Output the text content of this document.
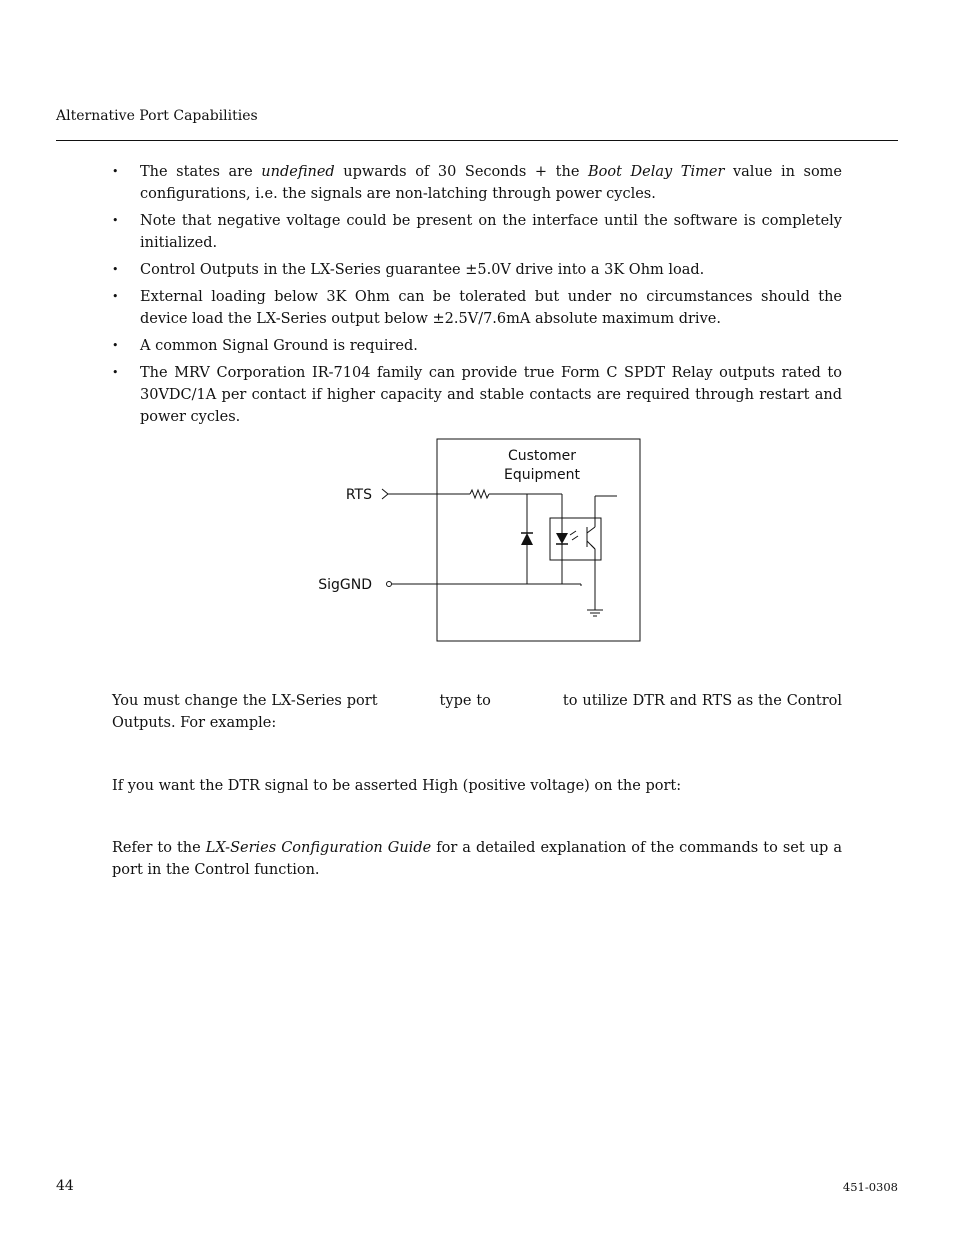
Alternative Port Capabilities
• The states are undefined upwards of 30 Seconds + the Boot Delay Timer value in some configurations, i.e. the signals are non-latching through power cycles.
• Note that negative voltage could be present on the interface until the software is completely initialized.
• Control Outputs in the LX-Series guarantee ±5.0V drive into a 3K Ohm load.
• External loading below 3K Ohm can be tolerated but under no circumstances should the device load the LX-Series output below ±2.5V/7.6mA absolute maximum drive.
• A common Signal Ground is required.
• The MRV Corporation IR-7104 family can provide true Form C SPDT Relay outputs rated to 30VDC/1A per contact if higher capacity and stable contacts are required through restart and power cycles.
Customer
Equipment
RTS
SigGND
You must change the LX-Series port	type to	to utilize DTR and RTS as the Control Outputs. For example:
If you want the DTR signal to be asserted High (positive voltage) on the port:
Refer to the LX-Series Configuration Guide for a detailed explanation of the commands to set up a port in the Control function.
44	451-0308
